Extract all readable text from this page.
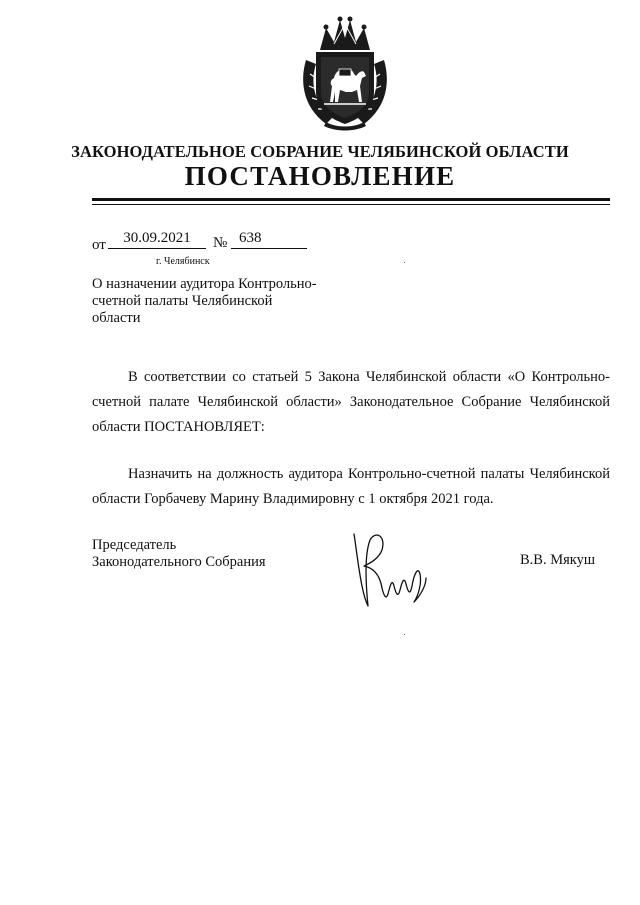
ЗАКОНОДАТЕЛЬНОЕ СОБРАНИЕ ЧЕЛЯБИНСКОЙ ОБЛАСТИ
ПОСТАНОВЛЕНИЕ
от	30.09.2021	№ 638
г. Челябинск
О назначении аудитора Контрольно-счетной палаты Челябинской области
В соответствии со статьей 5 Закона Челябинской области «О Контрольно-счетной палате Челябинской области» Законодательное Собрание Челябинской области ПОСТАНОВЛЯЕТ:
Назначить на должность аудитора Контрольно-счетной палаты Челябинской области Горбачеву Марину Владимировну с 1 октября 2021 года.
Председатель Законодательного Собрания	В.В. Мякуш
